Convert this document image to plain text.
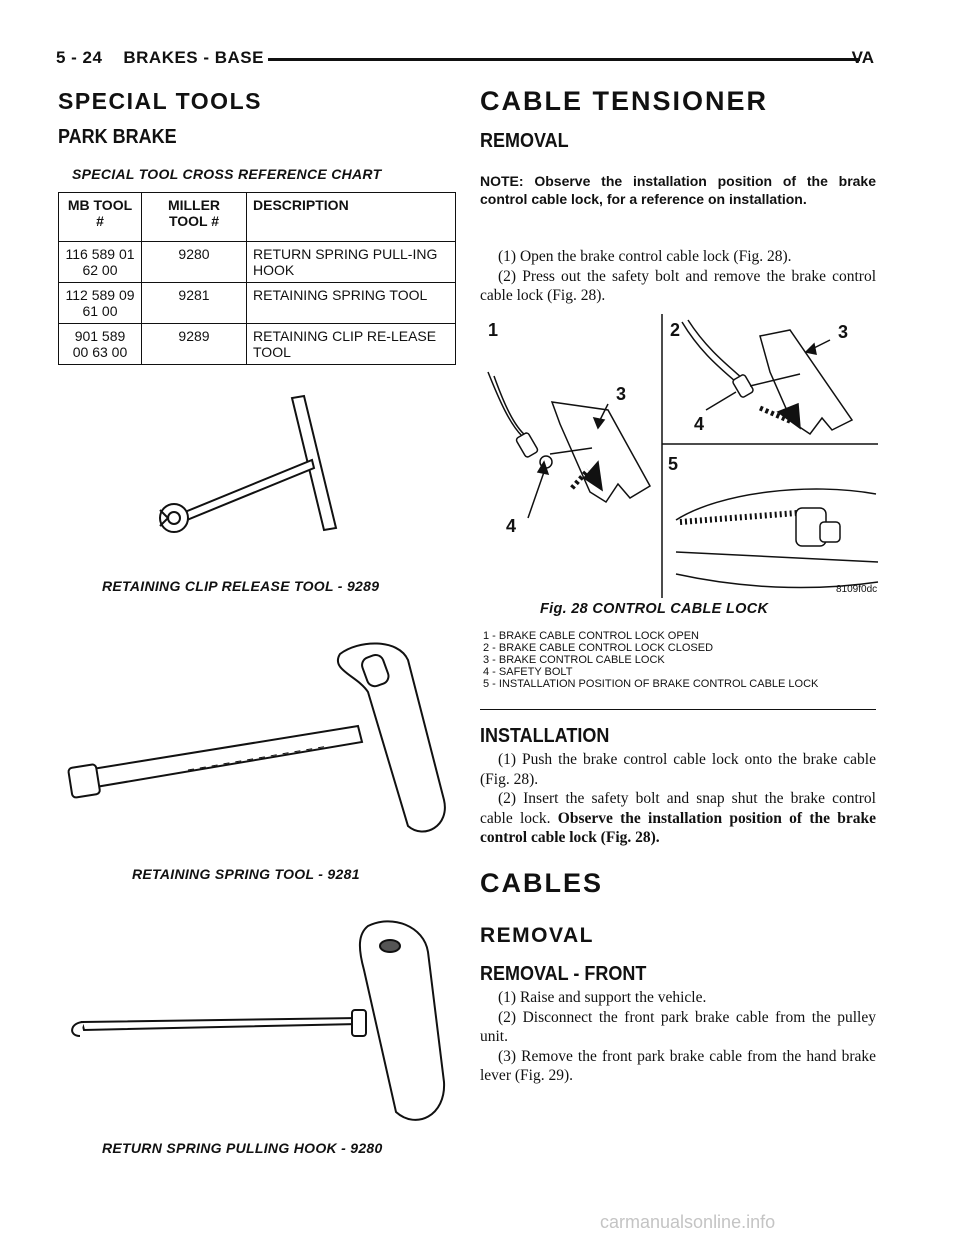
5 - 24    BRAKES - BASE	VA
SPECIAL TOOLS
PARK BRAKE
SPECIAL TOOL CROSS REFERENCE CHART
MB TOOL #	MILLER TOOL #	DESCRIPTION
116 589 01 62 00	9280	RETURN SPRING PULL-ING HOOK
112 589 09 61 00	9281	RETAINING SPRING TOOL
901 589 00 63 00	9289	RETAINING CLIP RE-LEASE TOOL
RETAINING CLIP RELEASE TOOL - 9289
RETAINING SPRING TOOL - 9281
RETURN SPRING PULLING HOOK - 9280
CABLE TENSIONER
REMOVAL
NOTE: Observe the installation position of the brake control cable lock, for a reference on installation.

(1) Open the brake control cable lock (Fig. 28).

(2) Press out the safety bolt and remove the brake control cable lock (Fig. 28).

1	2
3
3
4
4
5
8109f0dc
Fig. 28 CONTROL CABLE LOCK
1 - BRAKE CABLE CONTROL LOCK OPEN
2 - BRAKE CABLE CONTROL LOCK CLOSED
3 - BRAKE CONTROL CABLE LOCK
4 - SAFETY BOLT
5 - INSTALLATION POSITION OF BRAKE CONTROL CABLE LOCK
INSTALLATION

(1) Push the brake control cable lock onto the brake cable (Fig. 28).

(2) Insert the safety bolt and snap shut the brake control cable lock. Observe the installation position of the brake control cable lock (Fig. 28).

CABLES
REMOVAL
REMOVAL - FRONT

(1) Raise and support the vehicle.

(2) Disconnect the front park brake cable from the pulley unit.

(3) Remove the front park brake cable from the hand brake lever (Fig. 29).

carmanualsonline.info
